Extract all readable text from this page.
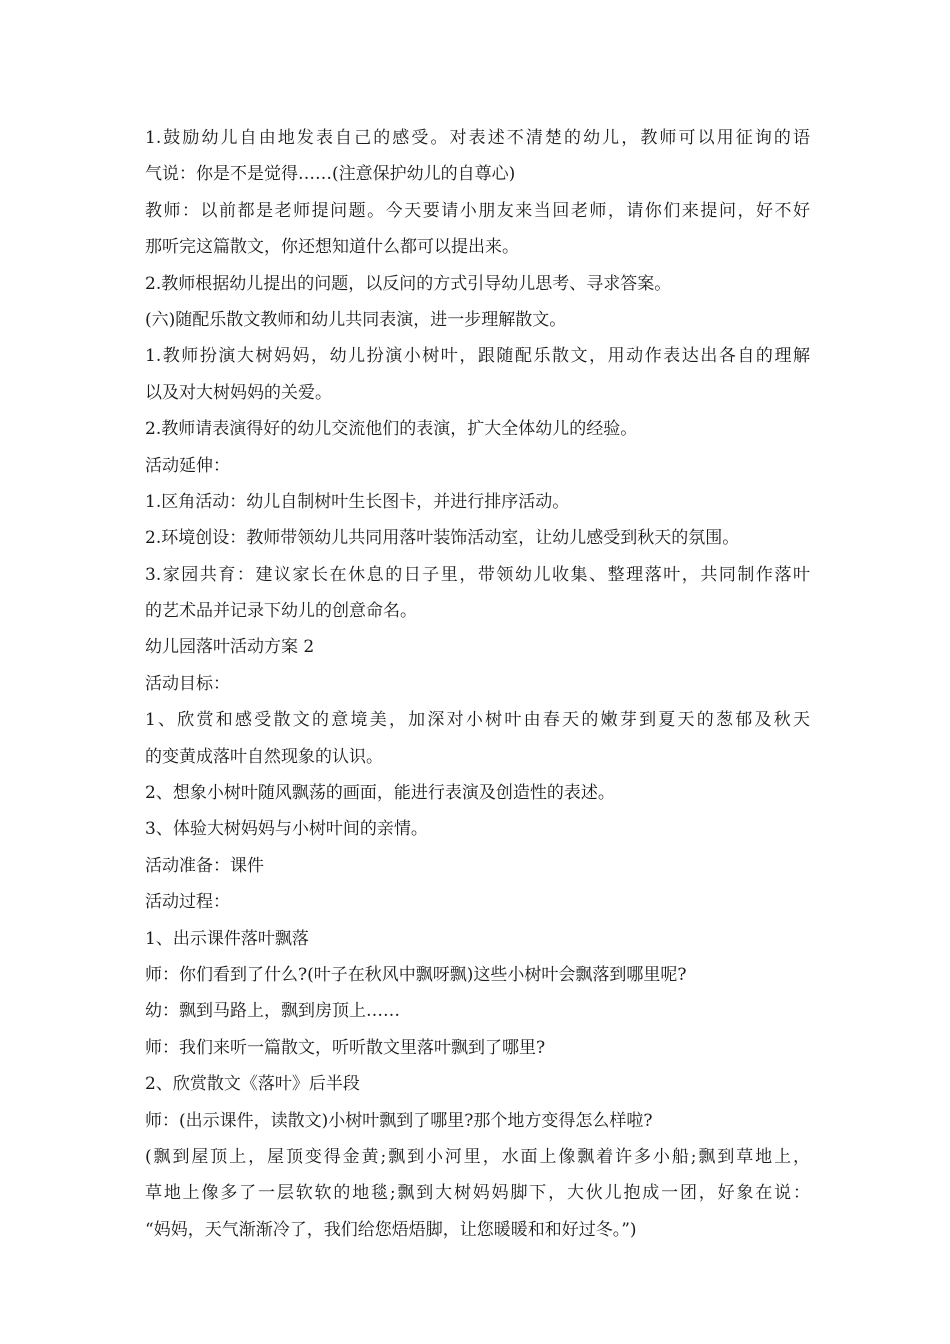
1.鼓励幼儿自由地发表自己的感受。对表述不清楚的幼儿，教师可以用征询的语
气说：你是不是觉得……(注意保护幼儿的自尊心)
教师：以前都是老师提问题。今天要请小朋友来当回老师，请你们来提问，好不好
那听完这篇散文，你还想知道什么都可以提出来。
2.教师根据幼儿提出的问题，以反问的方式引导幼儿思考、寻求答案。
(六)随配乐散文教师和幼儿共同表演，进一步理解散文。
1.教师扮演大树妈妈，幼儿扮演小树叶，跟随配乐散文，用动作表达出各自的理解
以及对大树妈妈的关爱。
2.教师请表演得好的幼儿交流他们的表演，扩大全体幼儿的经验。
活动延伸：
1.区角活动：幼儿自制树叶生长图卡，并进行排序活动。
2.环境创设：教师带领幼儿共同用落叶装饰活动室，让幼儿感受到秋天的氛围。
3.家园共育：建议家长在休息的日子里，带领幼儿收集、整理落叶，共同制作落叶
的艺术品并记录下幼儿的创意命名。
幼儿园落叶活动方案 2
活动目标：
1、欣赏和感受散文的意境美，加深对小树叶由春天的嫩芽到夏天的葱郁及秋天
的变黄成落叶自然现象的认识。
2、想象小树叶随风飘荡的画面，能进行表演及创造性的表述。
3、体验大树妈妈与小树叶间的亲情。
活动准备：课件
活动过程：
1、出示课件落叶飘落
师：你们看到了什么?(叶子在秋风中飘呀飘)这些小树叶会飘落到哪里呢?
幼：飘到马路上，飘到房顶上……
师：我们来听一篇散文，听听散文里落叶飘到了哪里?
2、欣赏散文《落叶》后半段
师：(出示课件，读散文)小树叶飘到了哪里?那个地方变得怎么样啦?
(飘到屋顶上，屋顶变得金黄;飘到小河里，水面上像飘着许多小船;飘到草地上，
草地上像多了一层软软的地毯;飘到大树妈妈脚下，大伙儿抱成一团，好象在说：
“妈妈，天气渐渐冷了，我们给您焐焐脚，让您暖暖和和好过冬。”)
